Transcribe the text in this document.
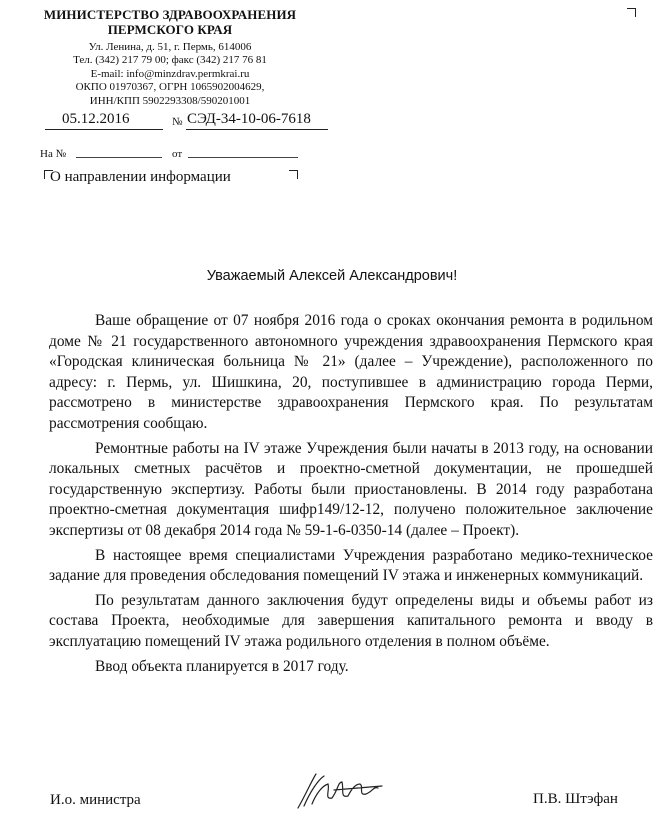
МИНИСТЕРСТВО ЗДРАВООХРАНЕНИЯ
ПЕРМСКОГО КРАЯ
Ул. Ленина, д. 51, г. Пермь, 614006
Тел. (342) 217 79 00; факс (342) 217 76 81
E-mail: info@minzdrav.permkrai.ru
ОКПО 01970367, ОГРН 1065902004629,
ИНН/КПП 5902293308/590201001
05.12.2016	№ СЭД-34-10-06-7618
На №	от
О направлении информации
Уважаемый Алексей Александрович!

Ваше обращение от 07 ноября 2016 года о сроках окончания ремонта в родильном доме № 21 государственного автономного учреждения здравоохранения Пермского края «Городская клиническая больница № 21» (далее – Учреждение), расположенного по адресу: г. Пермь, ул. Шишкина, 20, поступившее в администрацию города Перми, рассмотрено в министерстве здравоохранения Пермского края. По результатам рассмотрения сообщаю.

Ремонтные работы на IV этаже Учреждения были начаты в 2013 году, на основании локальных сметных расчётов и проектно-сметной документации, не прошедшей государственную экспертизу. Работы были приостановлены. В 2014 году разработана проектно-сметная документация шифр149/12-12, получено положительное заключение экспертизы от 08 декабря 2014 года № 59-1-6-0350-14 (далее – Проект).

В настоящее время специалистами Учреждения разработано медико-техническое задание для проведения обследования помещений IV этажа и инженерных коммуникаций.

По результатам данного заключения будут определены виды и объемы работ из состава Проекта, необходимые для завершения капитального ремонта и вводу в эксплуатацию помещений IV этажа родильного отделения в полном объёме.

Ввод объекта планируется в 2017 году.

И.о. министра	П.В. Штэфан
